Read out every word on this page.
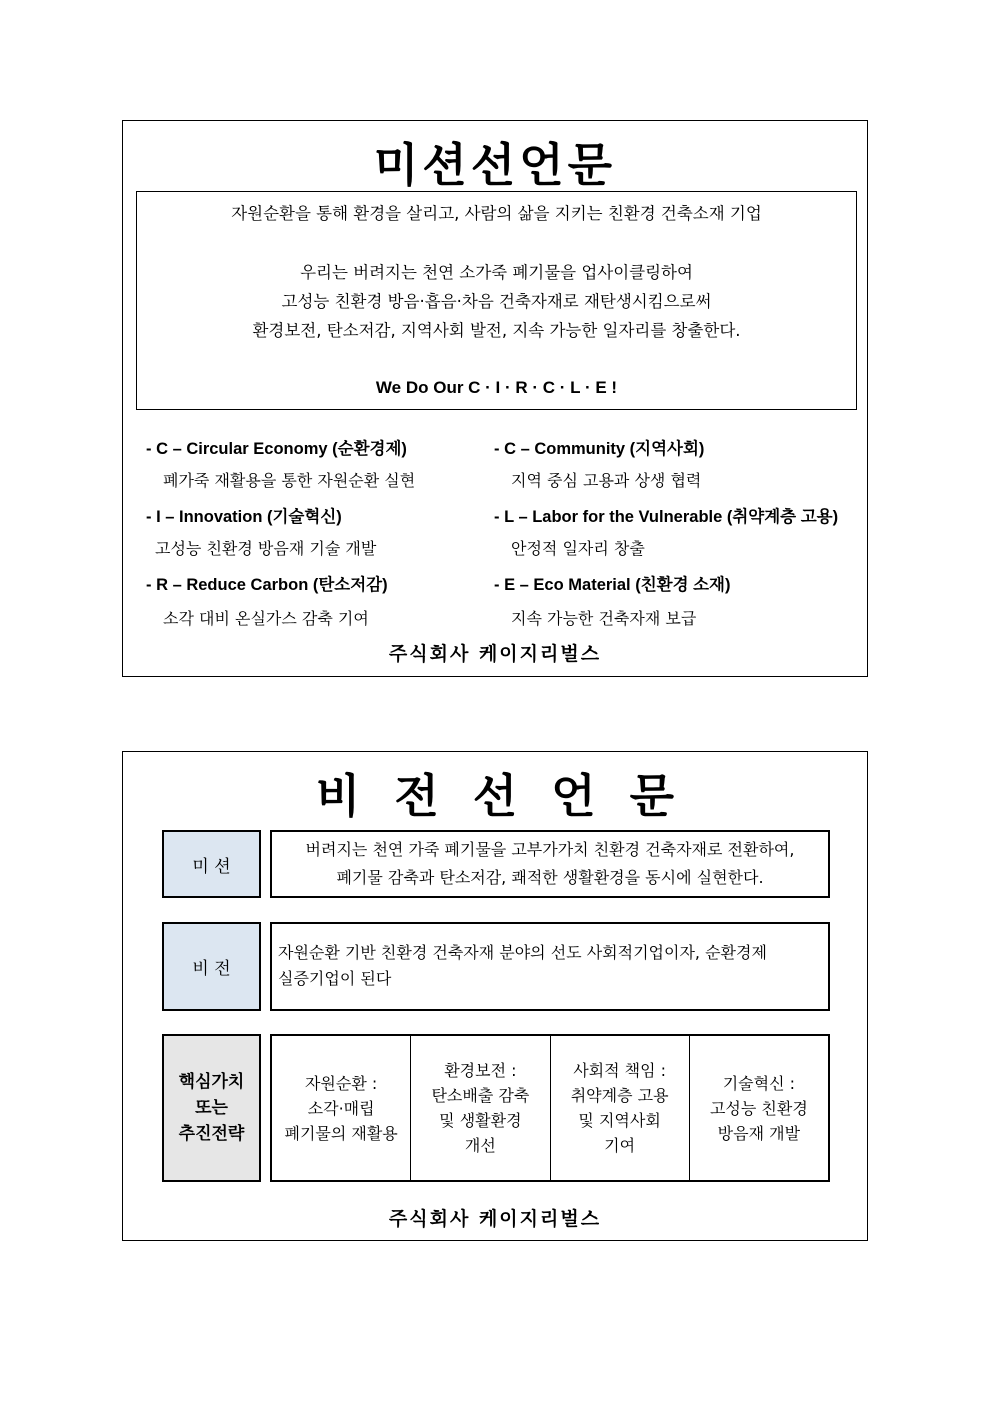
미션선언문
자원순환을 통해 환경을 살리고, 사람의 삶을 지키는 친환경 건축소재 기업
우리는 버려지는 천연 소가죽 폐기물을 업사이클링하여
고성능 친환경 방음·흡음·차음 건축자재로 재탄생시킴으로써
환경보전, 탄소저감, 지역사회 발전, 지속 가능한 일자리를 창출한다.
We Do Our C · I · R · C · L · E !
- C – Circular Economy (순환경제)
폐가죽 재활용을 통한 자원순환 실현
- I – Innovation (기술혁신)
고성능 친환경 방음재 기술 개발
- R – Reduce Carbon (탄소저감)
소각 대비 온실가스 감축 기여
- C – Community (지역사회)
지역 중심 고용과 상생 협력
- L – Labor for the Vulnerable (취약계층 고용)
안정적 일자리 창출
- E – Eco Material (친환경 소재)
지속 가능한 건축자재 보급
주식회사 케이지리벌스
비전선언문
미 션
버려지는 천연 가죽 폐기물을 고부가가치 친환경 건축자재로 전환하여,
폐기물 감축과 탄소저감, 쾌적한 생활환경을 동시에 실현한다.
비 전
자원순환 기반 친환경 건축자재 분야의 선도 사회적기업이자, 순환경제
실증기업이 된다
핵심가치
또는
추진전략
자원순환 :
소각·매립
폐기물의 재활용
환경보전 :
탄소배출 감축
및 생활환경
개선
사회적 책임 :
취약계층 고용
및 지역사회
기여
기술혁신 :
고성능 친환경
방음재 개발
주식회사 케이지리벌스
